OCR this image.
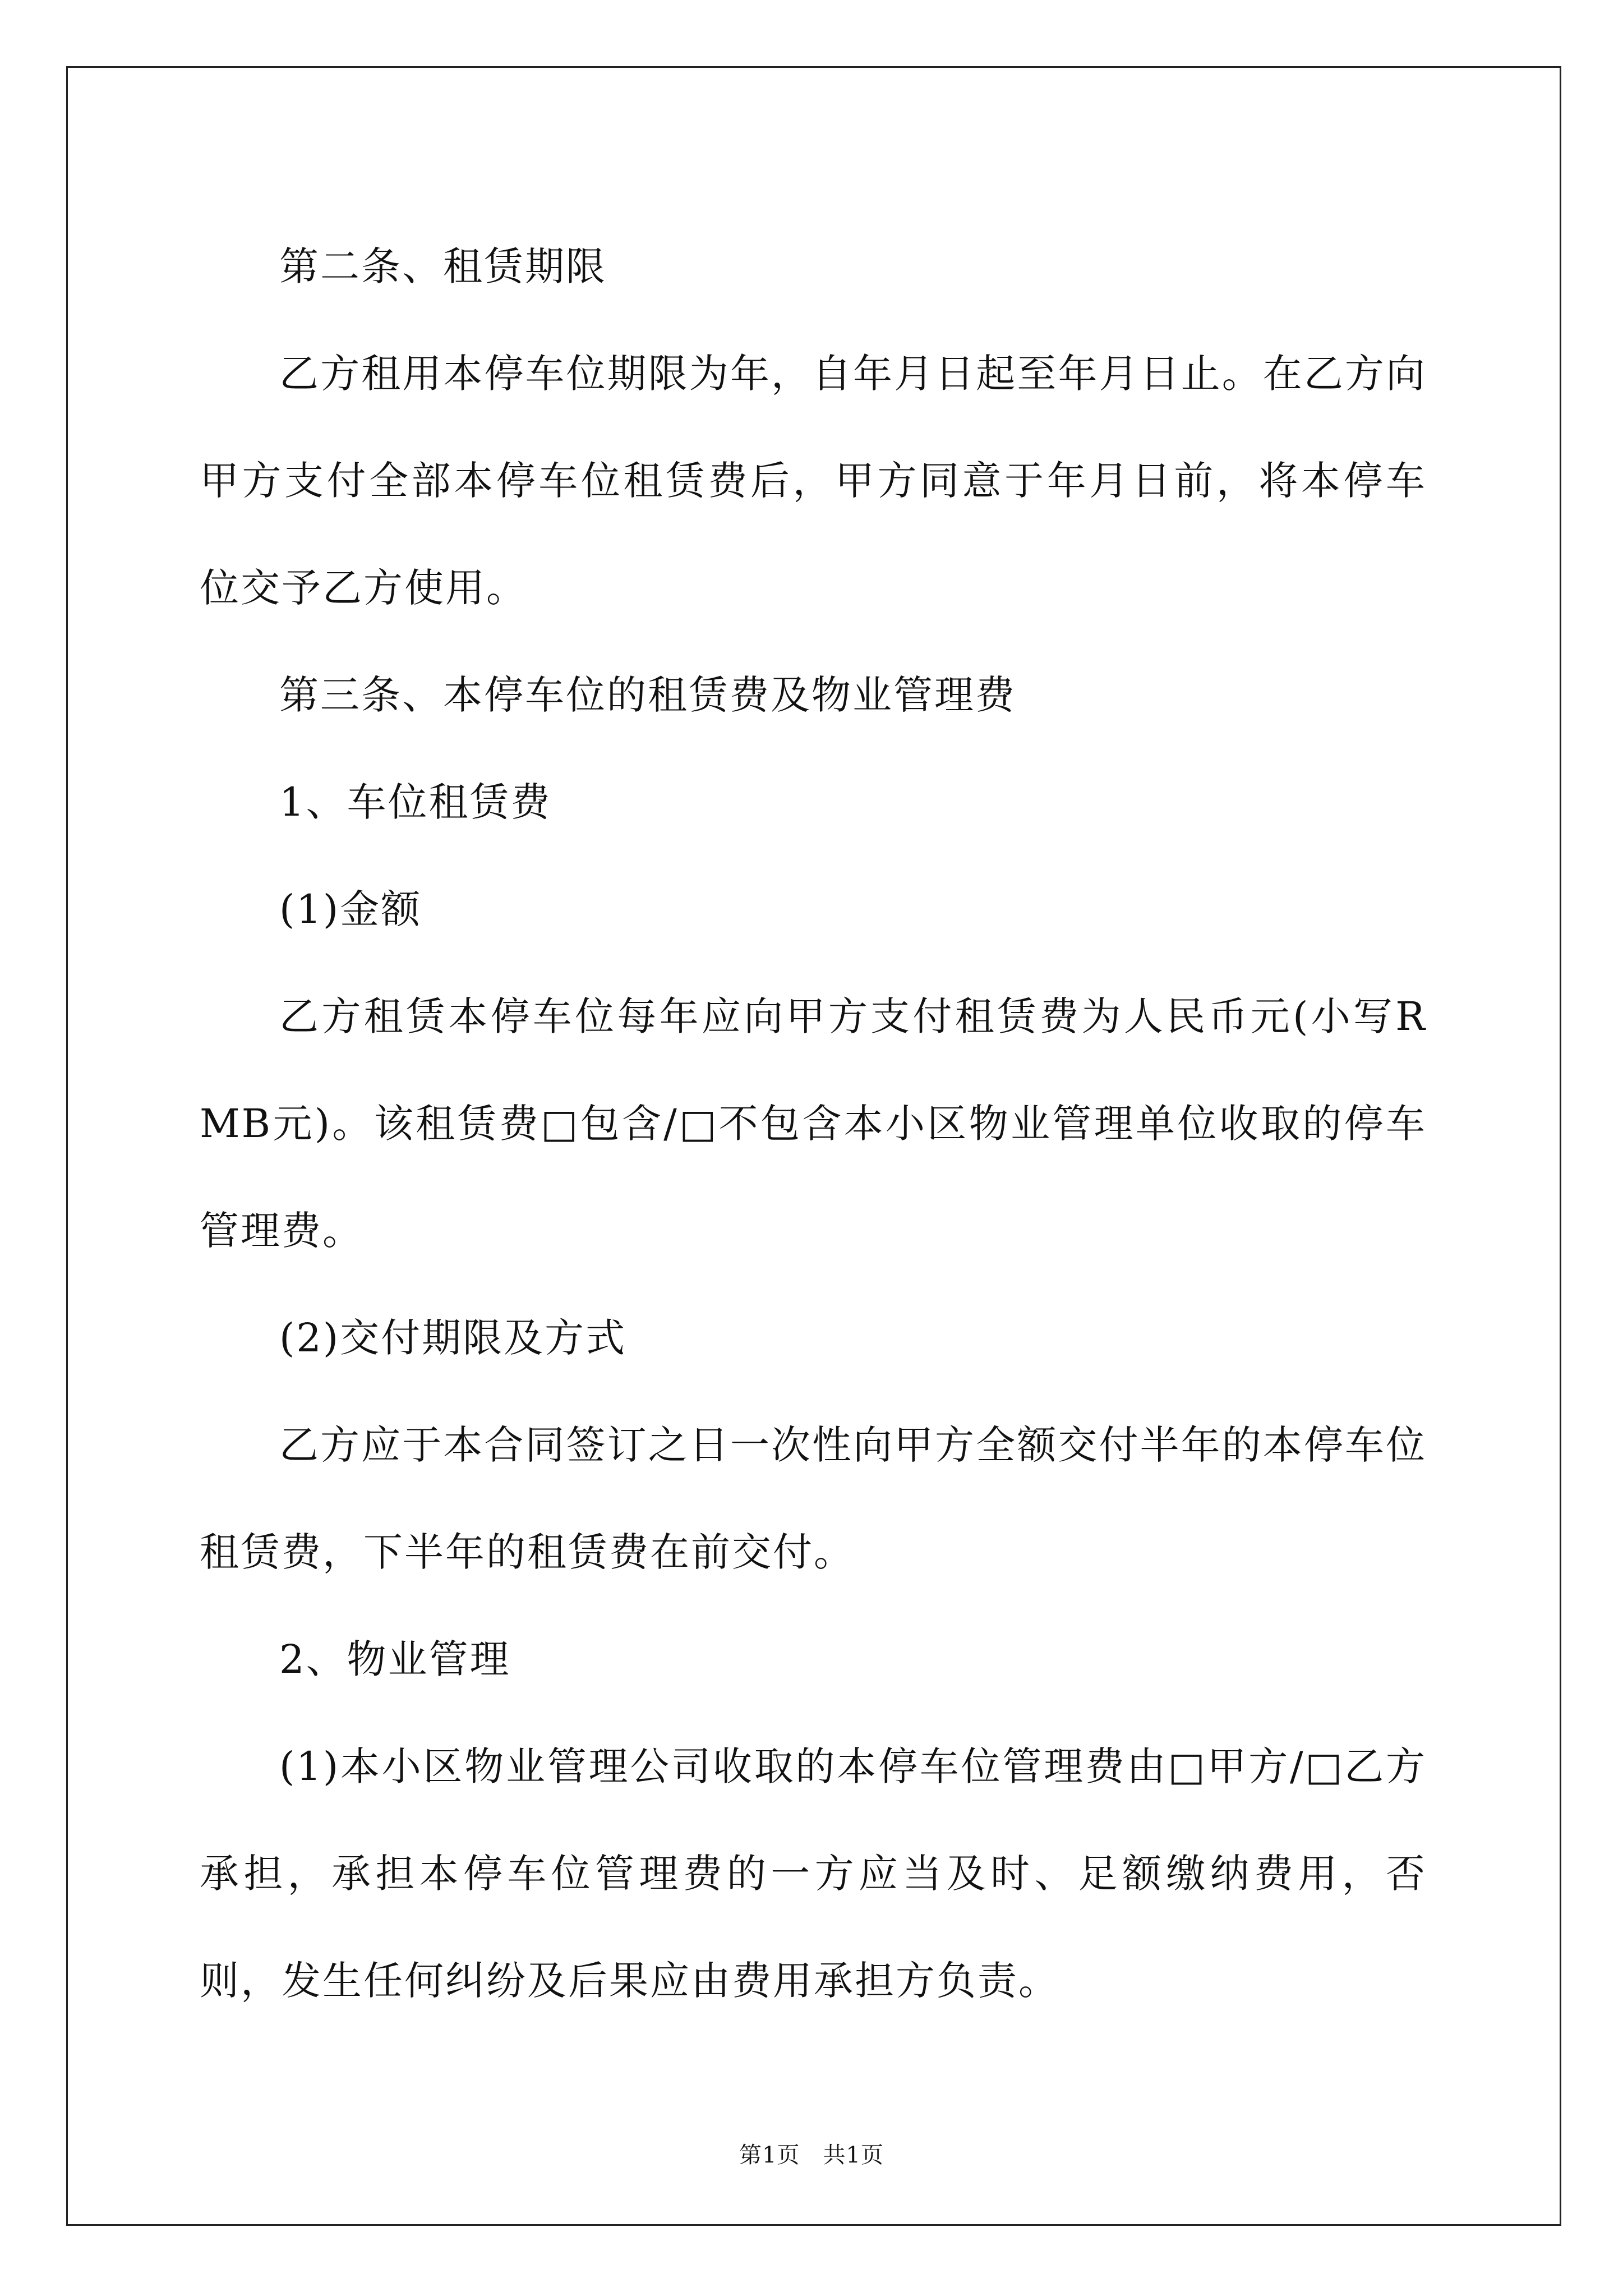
第二条、租赁期限

乙方租用本停车位期限为年，自年月日起至年月日止。在乙方向甲方支付全部本停车位租赁费后，甲方同意于年月日前，将本停车位交予乙方使用。

第三条、本停车位的租赁费及物业管理费

1、车位租赁费

(1)金额

乙方租赁本停车位每年应向甲方支付租赁费为人民币元(小写RMB元)。该租赁费□包含/□不包含本小区物业管理单位收取的停车管理费。

(2)交付期限及方式

乙方应于本合同签订之日一次性向甲方全额交付半年的本停车位租赁费，下半年的租赁费在前交付。

2、物业管理

(1)本小区物业管理公司收取的本停车位管理费由□甲方/□乙方承担，承担本停车位管理费的一方应当及时、足额缴纳费用，否则，发生任何纠纷及后果应由费用承担方负责。

第1页　共1页
